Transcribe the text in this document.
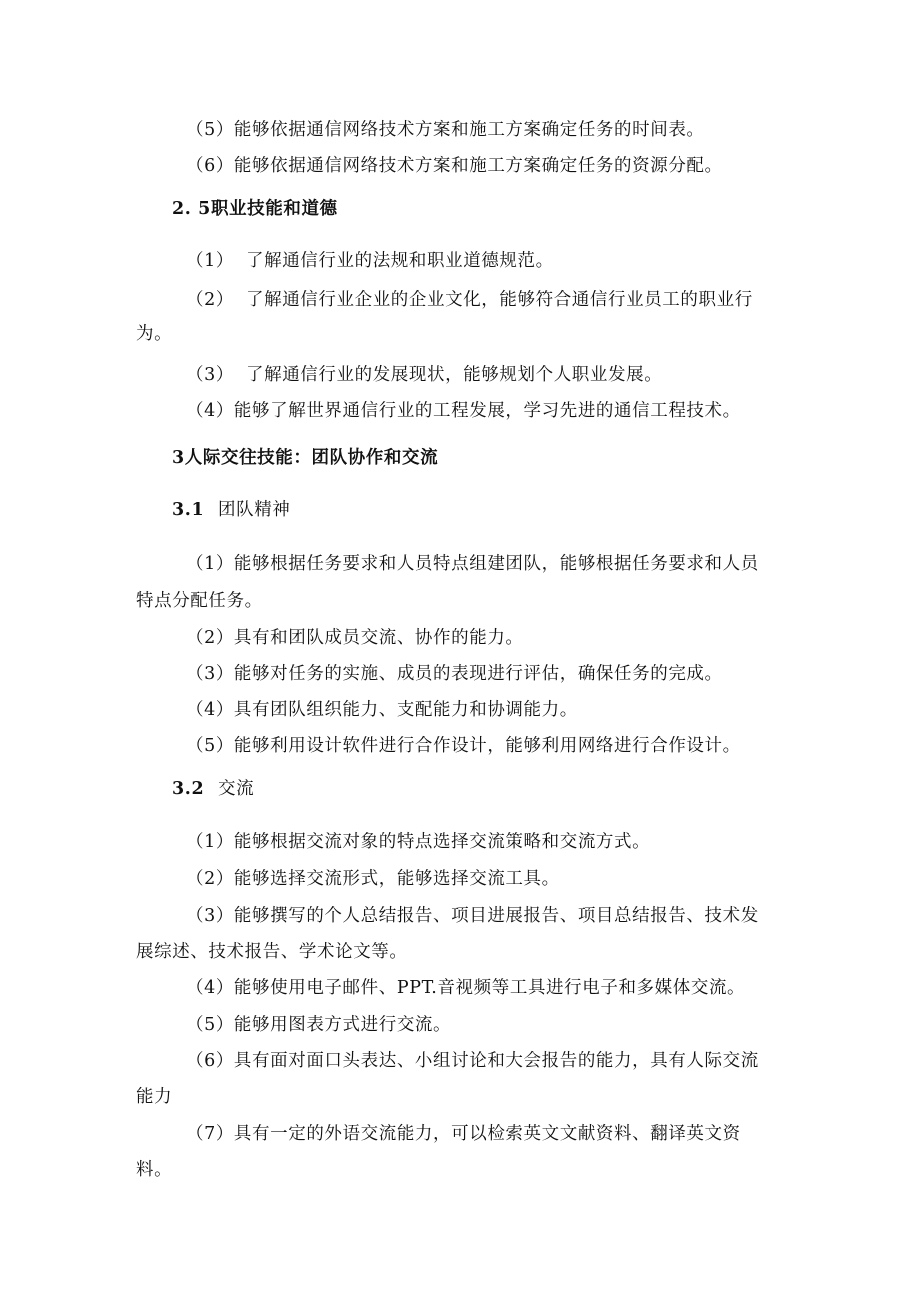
（5）能够依据通信网络技术方案和施工方案确定任务的时间表。

（6）能够依据通信网络技术方案和施工方案确定任务的资源分配。

2. 5职业技能和道德

（1） 了解通信行业的法规和职业道德规范。

（2） 了解通信行业企业的企业文化，能够符合通信行业员工的职业行

为。

（3） 了解通信行业的发展现状，能够规划个人职业发展。

（4）能够了解世界通信行业的工程发展，学习先进的通信工程技术。

3人际交往技能：团队协作和交流

3.1 团队精神

（1）能够根据任务要求和人员特点组建团队，能够根据任务要求和人员

特点分配任务。

（2）具有和团队成员交流、协作的能力。

（3）能够对任务的实施、成员的表现进行评估，确保任务的完成。

（4）具有团队组织能力、支配能力和协调能力。

（5）能够利用设计软件进行合作设计，能够利用网络进行合作设计。

3.2 交流

（1）能够根据交流对象的特点选择交流策略和交流方式。

（2）能够选择交流形式，能够选择交流工具。

（3）能够撰写的个人总结报告、项目进展报告、项目总结报告、技术发

展综述、技术报告、学术论文等。

（4）能够使用电子邮件、PPT.音视频等工具进行电子和多媒体交流。

（5）能够用图表方式进行交流。

（6）具有面对面口头表达、小组讨论和大会报告的能力，具有人际交流

能力

（7）具有一定的外语交流能力，可以检索英文文献资料、翻译英文资

料。
